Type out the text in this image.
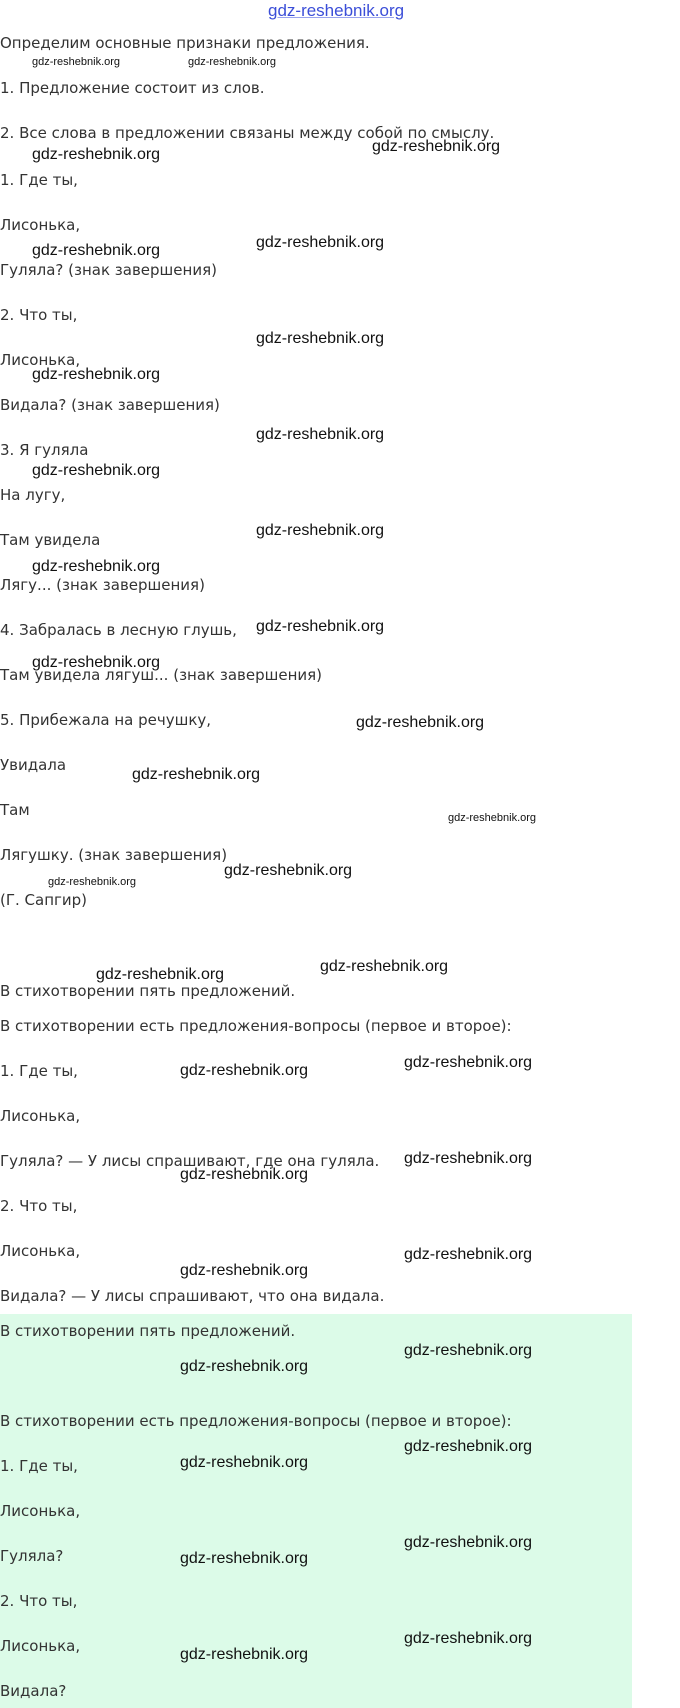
gdz-reshebnik.org
Определим основные признаки предложения.
1. Предложение состоит из слов.
2. Все слова в предложении связаны между собой по смыслу.
1. Где ты,
Лисонька,
Гуляла? (знак завершения)
2. Что ты,
Лисонька,
Видала? (знак завершения)
3. Я гуляла
На лугу,
Там увидела
Лягу... (знак завершения)
4. Забралась в лесную глушь,
Там увидела лягуш... (знак завершения)
5. Прибежала на речушку,
Увидала
Там
Лягушку. (знак завершения)
(Г. Сапгир)
В стихотворении пять предложений.
В стихотворении есть предложения-вопросы (первое и второе):
1. Где ты,
Лисонька,
Гуляла? — У лисы спрашивают, где она гуляла.
2. Что ты,
Лисонька,
Видала? — У лисы спрашивают, что она видала.
В стихотворении пять предложений.
В стихотворении есть предложения-вопросы (первое и второе):
1. Где ты,
Лисонька,
Гуляла?
2. Что ты,
Лисонька,
Видала?
gdz-reshebnik.org	gdz-reshebnik.org
gdz-reshebnik.org
gdz-reshebnik.org
gdz-reshebnik.org
gdz-reshebnik.org
gdz-reshebnik.org
gdz-reshebnik.org
gdz-reshebnik.org
gdz-reshebnik.org
gdz-reshebnik.org
gdz-reshebnik.org
gdz-reshebnik.org
gdz-reshebnik.org
gdz-reshebnik.org
gdz-reshebnik.org
gdz-reshebnik.org
gdz-reshebnik.org
gdz-reshebnik.org
gdz-reshebnik.org
gdz-reshebnik.org
gdz-reshebnik.org
gdz-reshebnik.org
gdz-reshebnik.org
gdz-reshebnik.org
gdz-reshebnik.org
gdz-reshebnik.org
gdz-reshebnik.org
gdz-reshebnik.org
gdz-reshebnik.org
gdz-reshebnik.org
gdz-reshebnik.org
gdz-reshebnik.org
gdz-reshebnik.org
gdz-reshebnik.org
